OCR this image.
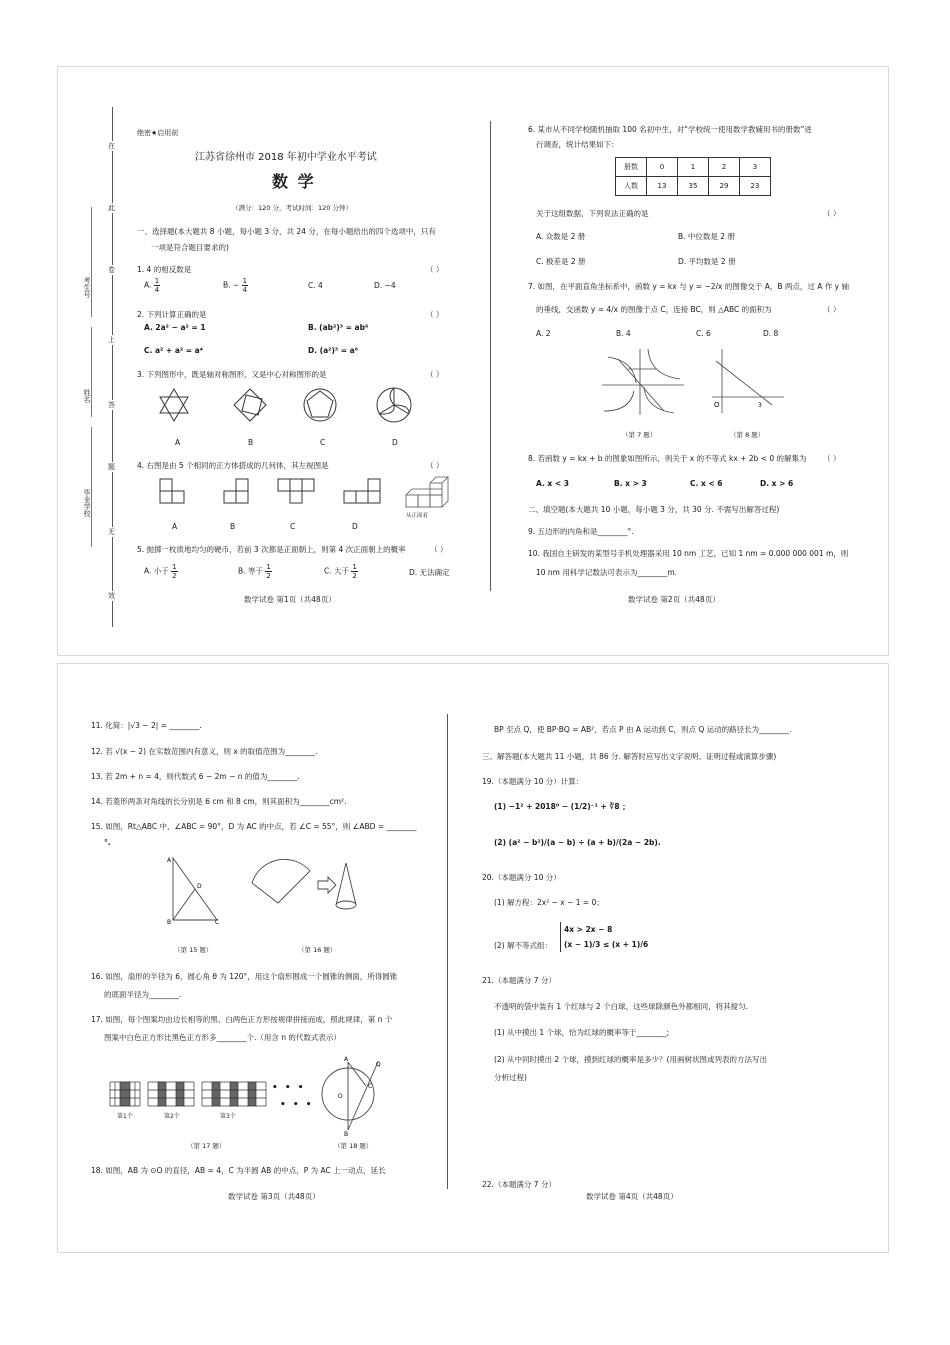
在
此
卷
上
答
题
无
效
考生号
姓名
毕业学校
绝密★启用前
江苏省徐州市 2018 年初中学业水平考试
数 学
（满分：120 分，考试时间：120 分钟）
一、选择题(本大题共 8 小题，每小题 3 分，共 24 分，在每小题给出的四个选项中，只有
一项是符合题目要求的)
1. 4 的相反数是	（ ）
A. $\frac{1}{4}$	B. − $\frac{1}{4}$	C. 4	D. −4
2. 下列计算正确的是	（ ）
A. 2a² − a² = 1	B. (ab²)³ = ab⁶
C. a² + a² = a⁴	D. (a²)³ = a⁶
3. 下列图形中，既是轴对称图形，又是中心对称图形的是	（ ）
A	B	C	D
4. 右图是由 5 个相同的正方体搭成的几何体，其左视图是	（ ）
从正面看
A	B	C	D
5. 抛掷一枚质地均匀的硬币，若前 3 次都是正面朝上，则第 4 次正面朝上的概率	（ ）
A. 小于 $\frac{1}{2}$	B. 等于 $\frac{1}{2}$	C. 大于 $\frac{1}{2}$	D. 无法确定
数学试卷 第1页（共48页）
6. 某市从不同学校随机抽取 100 名初中生，对“学校统一使用数学教辅用书的册数”进
行调查，统计结果如下：
册数	0	1	2	3
人数	13	35	29	23
关于这组数据，下列说法正确的是	（ ）
A. 众数是 2 册	B. 中位数是 2 册
C. 极差是 2 册	D. 平均数是 2 册
7. 如图，在平面直角坐标系中，函数 y = kx 与 y = −2/x 的图像交于 A，B 两点，过 A 作 y 轴
的垂线，交函数 y = 4/x 的图像于点 C，连接 BC，则 △ABC 的面积为	（ ）
A. 2	B. 4	C. 6	D. 8
（第 7 题）
O	3
（第 8 题）
8. 若函数 y = kx + b 的图象如图所示，则关于 x 的不等式 kx + 2b < 0 的解集为 （ ）
A. x < 3	B. x > 3	C. x < 6	D. x > 6
二、填空题(本大题共 10 小题，每小题 3 分，共 30 分. 不需写出解答过程)
9. 五边形的内角和是________°.
10. 我国自主研发的某型号手机处理器采用 10 nm 工艺，已知 1 nm = 0.000 000 001 m，则
10 nm 用科学记数法可表示为________m.
数学试卷 第2页（共48页）
11. 化简：|√3 − 2| = ________.
12. 若 √(x − 2) 在实数范围内有意义，则 x 的取值范围为________.
13. 若 2m + n = 4，则代数式 6 − 2m − n 的值为________.
14. 若菱形两条对角线的长分别是 6 cm 和 8 cm，则其面积为________cm².
15. 如图，Rt△ABC 中，∠ABC = 90°，D 为 AC 的中点，若 ∠C = 55°，则 ∠ABD = ________
°.
A
B	C
D
（第 15 题）	（第 16 题）
16. 如图，扇形的半径为 6，圆心角 θ 为 120°，用这个扇形围成一个圆锥的侧面，所得圆锥
的底面半径为________.
17. 如图，每个图案均由边长相等的黑、白两色正方形按规律拼接而成，照此规律，第 n 个
图案中白色正方形比黑色正方形多________个.（用含 n 的代数式表示）
• • •
第1个	第2个	第3个
• • •
A
B
Q
C
O
（第 17 题）	（第 18 题）
18. 如图，AB 为 ⊙O 的直径，AB = 4，C 为半圆 AB 的中点，P 为 AC 上一动点，延长
数学试卷 第3页（共48页）
BP 至点 Q，使 BP·BQ = AB²，若点 P 由 A 运动到 C，则点 Q 运动的路径长为________.
三、解答题(本大题共 11 小题，共 86 分. 解答时应写出文字说明、证明过程或演算步骤)
19.（本题满分 10 分）计算：
(1) −1² + 2018⁰ − (1/2)⁻¹ + ∛8 ；
(2) (a² − b²)/(a − b) ÷ (a + b)/(2a − 2b).
20.（本题满分 10 分）
(1) 解方程：2x² − x − 1 = 0；
(2) 解不等式组：
4x > 2x − 8
(x − 1)/3 ≤ (x + 1)/6
21.（本题满分 7 分）
不透明的袋中装有 1 个红球与 2 个白球，这些球除颜色外都相同，将其搅匀.
(1) 从中摸出 1 个球，恰为红球的概率等于________;
(2) 从中同时摸出 2 个球，摸到红球的概率是多少？(用画树状图或列表的方法写出
分析过程)
22.（本题满分 7 分）
数学试卷 第4页（共48页）
